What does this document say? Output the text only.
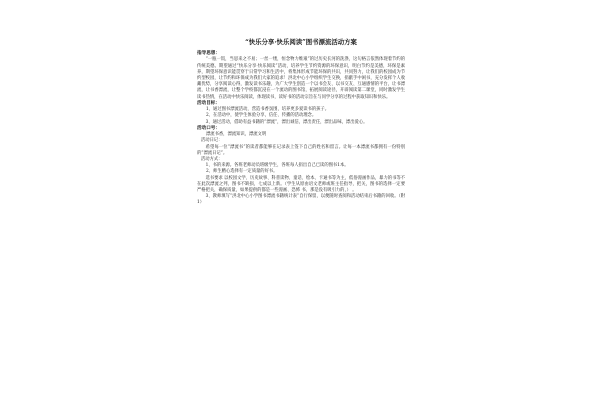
“快乐分享·快乐阅读”图书漂流活动方案

指导思想：

“一瓶一饭，当思来之不易；一丝一缕，恒念物力维艰”的过历史长河的洗涤，这句格言依然体现着节约的传统美德。期望通过“快乐分享·快乐阅读”活动，培养学生节约资源的环保意识，明白节约是美德，环保是素养，期望环保意识能贯穿于日常学习和生活中，将集体形成节能环保的共识，共同努力，让我们的校园成为节约型校园，让节约和环保成为我们大家的追求！洪北中心小学组织学生交换，捐献手中闲书，充分发挥个人收藏优势，分享阅读心得，激发读书乐趣，为广大学生创造一个以书会友、以书交友、互通感情的平台，让书漂流，让书香漂流，让整个学校都沉浸在一个流动的图书馆，拓展阅读途径，开辟阅读第二课堂，同时激发学生读书热情，在活动中快乐阅读，体现读书，读好书的活动宗旨在与同学分享的过程中获取知识和快乐。

活动目标：

1、通过图书漂流活动，营造书香氛围，培养更多爱读书的孩子。

2、在活动中，使学生体验分享，信任、传播的活动理念。

3、通过活动，借助有益书籍的“漂流”，漂出诚信，漂出责任，漂出品味，漂出爱心。

活动口号：

漂流书香，漂流知识，漂流文明

活动日记：

希望每一位“漂流书”的读者都能够在记录表上签下自己的姓名和留言。让每一本漂流书都拥有一份特别的“漂流日记”。

活动方式：

1、书的来源。各班老师动员班级学生，各班每人捐出自己已读的图书1本。

2、师生精心选择有一定质量的好书。

选书要求 以校园文学、历史故事、科普读物、童话、绘本、卡通书等为主，低俗漫画作品，暴力的书等不在此次漂流之列，图书不缺损，七成以上新。（学生从原由语文老师或班主任指导，把关，图书的选择一定要严格把关，确保质量，如果提供的都是一些漫画、恐怖 书，那是没有吸引力的，） 。

3、教师填写“洪北中心小学图书漂流书籍统计表”自行保留，以便随时查阅和活动结束后书籍的回收。（附 1）
